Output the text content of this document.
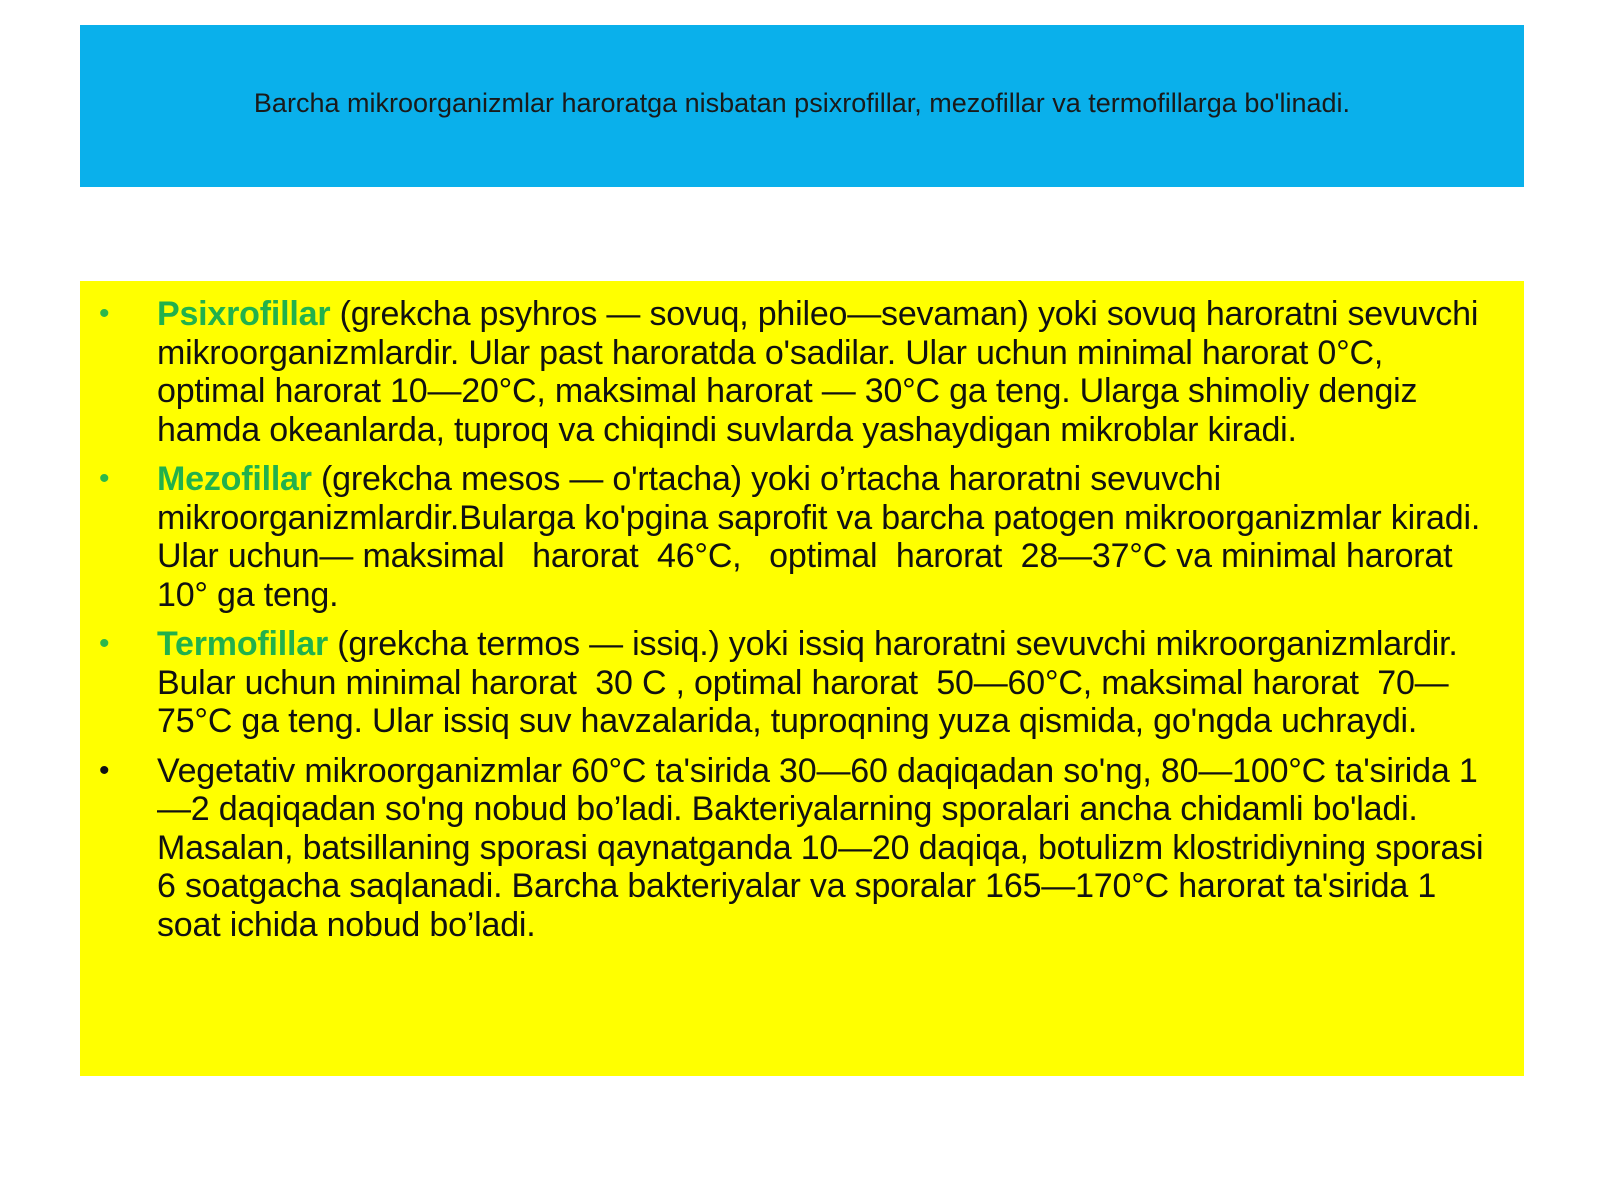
Barcha mikroorganizmlar haroratga nisbatan psixrofillar, mezofillar va termofillarga bo'linadi.
• Psixrofillar (grekcha psyhros — sovuq, phileo—sevaman) yoki sovuq haroratni sevuvchi mikroorganizmlardir. Ular past haroratda o'sadilar. Ular uchun minimal harorat 0°C, optimal harorat 10—20°C, maksimal harorat — 30°C ga teng. Ularga shimoliy dengiz hamda okeanlarda, tuproq va chiqindi suvlarda yashaydigan mikroblar kiradi.
• Mezofillar (grekcha mesos — o'rtacha) yoki o’rtacha haroratni sevuvchi mikroorganizmlardir.Bularga ko'pgina saprofit va barcha patogen mikroorganizmlar kiradi. Ular uchun— maksimal   harorat  46°C,   optimal  harorat  28—37°C va minimal harorat 10° ga teng.
• Termofillar (grekcha termos — issiq.) yoki issiq haroratni sevuvchi mikroorganizmlardir. Bular uchun minimal harorat  30 C , optimal harorat  50—60°C, maksimal harorat  70—75°C ga teng. Ular issiq suv havzalarida, tuproqning yuza qismida, go'ngda uchraydi.
• Vegetativ mikroorganizmlar 60°C ta'sirida 30—60 daqiqadan so'ng, 80—100°C ta'sirida 1—2 daqiqadan so'ng nobud bo’ladi. Bakteriyalarning sporalari ancha chidamli bo'ladi. Masalan, batsillaning sporasi qaynatganda 10—20 daqiqa, botulizm klostridiyning sporasi 6 soatgacha saqlanadi. Barcha bakteriyalar va sporalar 165—170°C harorat ta'sirida 1 soat ichida nobud bo’ladi.
